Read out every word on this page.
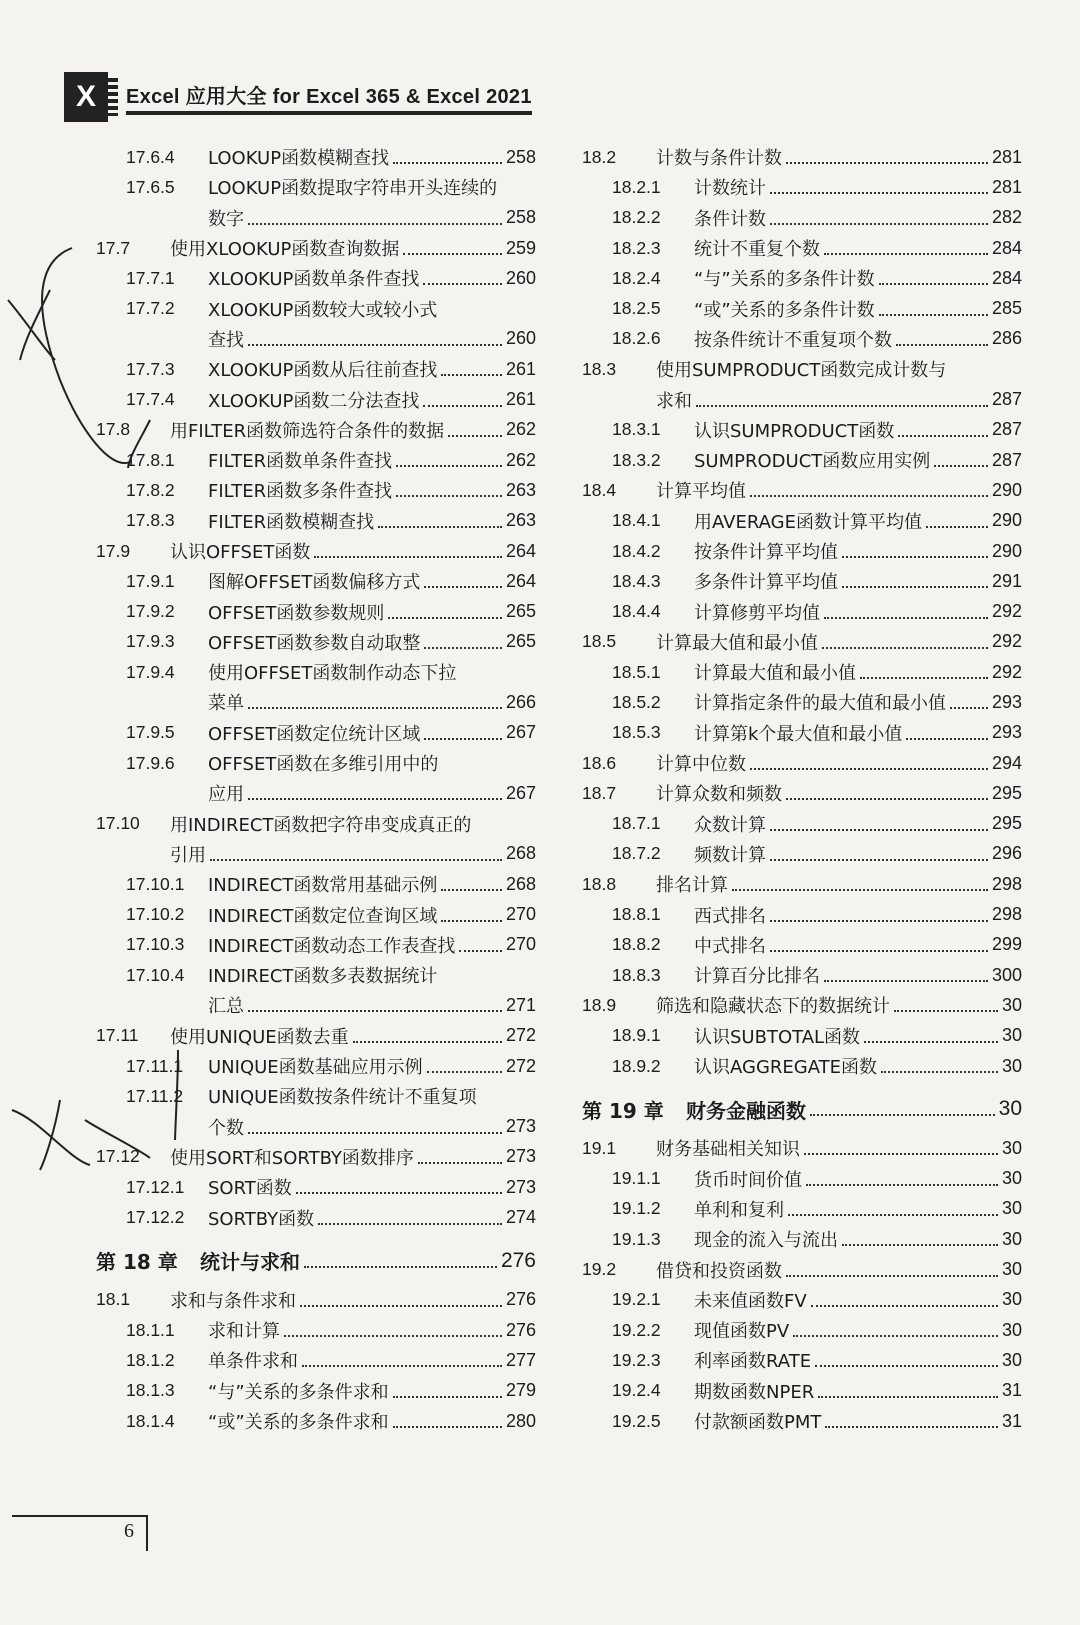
X Excel 应用大全 for Excel 365 & Excel 2021
17.6.4	LOOKUP函数模糊查找	258
17.6.5	LOOKUP函数提取字符串开头连续的
数字	258
17.7	使用XLOOKUP函数查询数据	259
17.7.1	XLOOKUP函数单条件查找	260
17.7.2	XLOOKUP函数较大或较小式
查找	260
17.7.3	XLOOKUP函数从后往前查找	261
17.7.4	XLOOKUP函数二分法查找	261
17.8	用FILTER函数筛选符合条件的数据	262
17.8.1	FILTER函数单条件查找	262
17.8.2	FILTER函数多条件查找	263
17.8.3	FILTER函数模糊查找	263
17.9	认识OFFSET函数	264
17.9.1	图解OFFSET函数偏移方式	264
17.9.2	OFFSET函数参数规则	265
17.9.3	OFFSET函数参数自动取整	265
17.9.4	使用OFFSET函数制作动态下拉
菜单	266
17.9.5	OFFSET函数定位统计区域	267
17.9.6	OFFSET函数在多维引用中的
应用	267
17.10	用INDIRECT函数把字符串变成真正的
引用	268
17.10.1	INDIRECT函数常用基础示例	268
17.10.2	INDIRECT函数定位查询区域	270
17.10.3	INDIRECT函数动态工作表查找	270
17.10.4	INDIRECT函数多表数据统计
汇总	271
17.11	使用UNIQUE函数去重	272
17.11.1	UNIQUE函数基础应用示例	272
17.11.2	UNIQUE函数按条件统计不重复项
个数	273
17.12	使用SORT和SORTBY函数排序	273
17.12.1	SORT函数	273
17.12.2	SORTBY函数	274
第 18 章	统计与求和	276
18.1	求和与条件求和	276
18.1.1	求和计算	276
18.1.2	单条件求和	277
18.1.3	“与”关系的多条件求和	279
18.1.4	“或”关系的多条件求和	280
18.2	计数与条件计数	281
18.2.1	计数统计	281
18.2.2	条件计数	282
18.2.3	统计不重复个数	284
18.2.4	“与”关系的多条件计数	284
18.2.5	“或”关系的多条件计数	285
18.2.6	按条件统计不重复项个数	286
18.3	使用SUMPRODUCT函数完成计数与
求和	287
18.3.1	认识SUMPRODUCT函数	287
18.3.2	SUMPRODUCT函数应用实例	287
18.4	计算平均值	290
18.4.1	用AVERAGE函数计算平均值	290
18.4.2	按条件计算平均值	290
18.4.3	多条件计算平均值	291
18.4.4	计算修剪平均值	292
18.5	计算最大值和最小值	292
18.5.1	计算最大值和最小值	292
18.5.2	计算指定条件的最大值和最小值	293
18.5.3	计算第k个最大值和最小值	293
18.6	计算中位数	294
18.7	计算众数和频数	295
18.7.1	众数计算	295
18.7.2	频数计算	296
18.8	排名计算	298
18.8.1	西式排名	298
18.8.2	中式排名	299
18.8.3	计算百分比排名	300
18.9	筛选和隐藏状态下的数据统计	30
18.9.1	认识SUBTOTAL函数	30
18.9.2	认识AGGREGATE函数	30
第 19 章	财务金融函数	30
19.1	财务基础相关知识	30
19.1.1	货币时间价值	30
19.1.2	单利和复利	30
19.1.3	现金的流入与流出	30
19.2	借贷和投资函数	30
19.2.1	未来值函数FV	30
19.2.2	现值函数PV	30
19.2.3	利率函数RATE	30
19.2.4	期数函数NPER	31
19.2.5	付款额函数PMT	31
6
